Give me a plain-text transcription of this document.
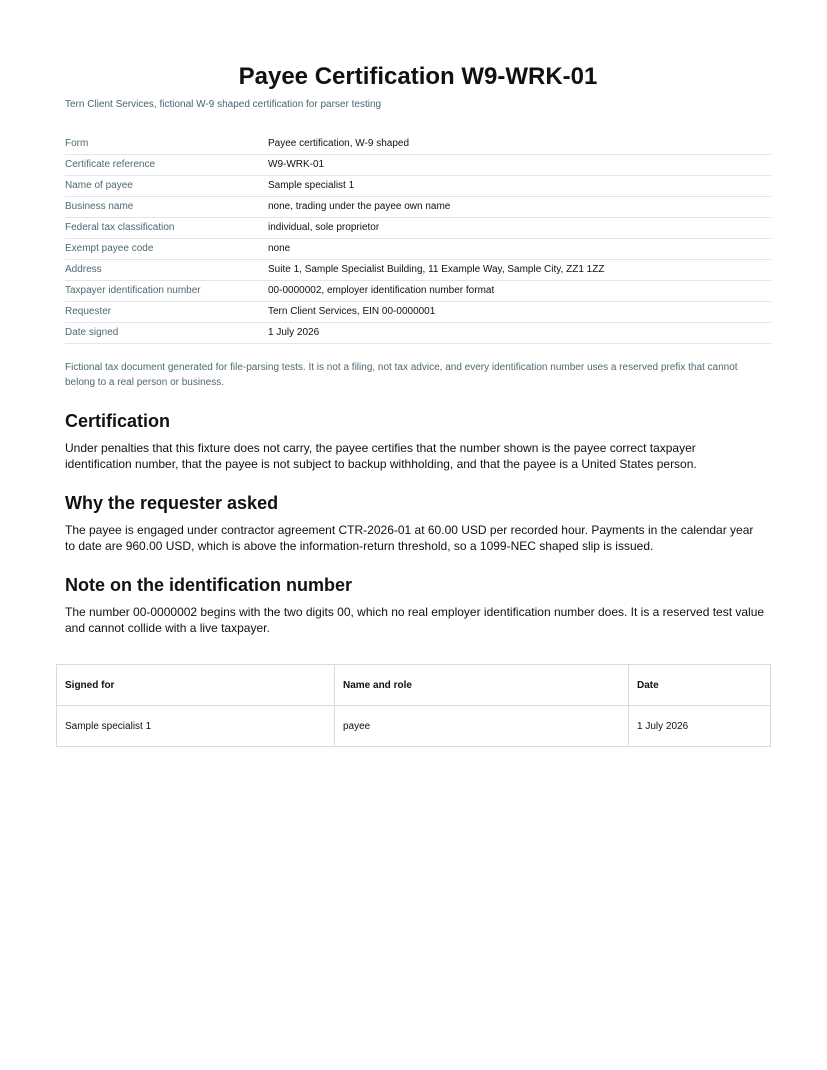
Payee Certification W9-WRK-01

Tern Client Services, fictional W-9 shaped certification for parser testing

Form	Payee certification, W-9 shaped
Certificate reference	W9-WRK-01
Name of payee	Sample specialist 1
Business name	none, trading under the payee own name
Federal tax classification	individual, sole proprietor
Exempt payee code	none
Address	Suite 1, Sample Specialist Building, 11 Example Way, Sample City, ZZ1 1ZZ
Taxpayer identification number	00-0000002, employer identification number format
Requester	Tern Client Services, EIN 00-0000001
Date signed	1 July 2026

Fictional tax document generated for file-parsing tests. It is not a filing, not tax advice, and every identification number uses a reserved prefix that cannot belong to a real person or business.

Certification

Under penalties that this fixture does not carry, the payee certifies that the number shown is the payee correct taxpayer identification number, that the payee is not subject to backup withholding, and that the payee is a United States person.

Why the requester asked

The payee is engaged under contractor agreement CTR-2026-01 at 60.00 USD per recorded hour. Payments in the calendar year to date are 960.00 USD, which is above the information-return threshold, so a 1099-NEC shaped slip is issued.

Note on the identification number

The number 00-0000002 begins with the two digits 00, which no real employer identification number does. It is a reserved test value and cannot collide with a live taxpayer.

Signed for	Name and role	Date
Sample specialist 1	payee	1 July 2026
